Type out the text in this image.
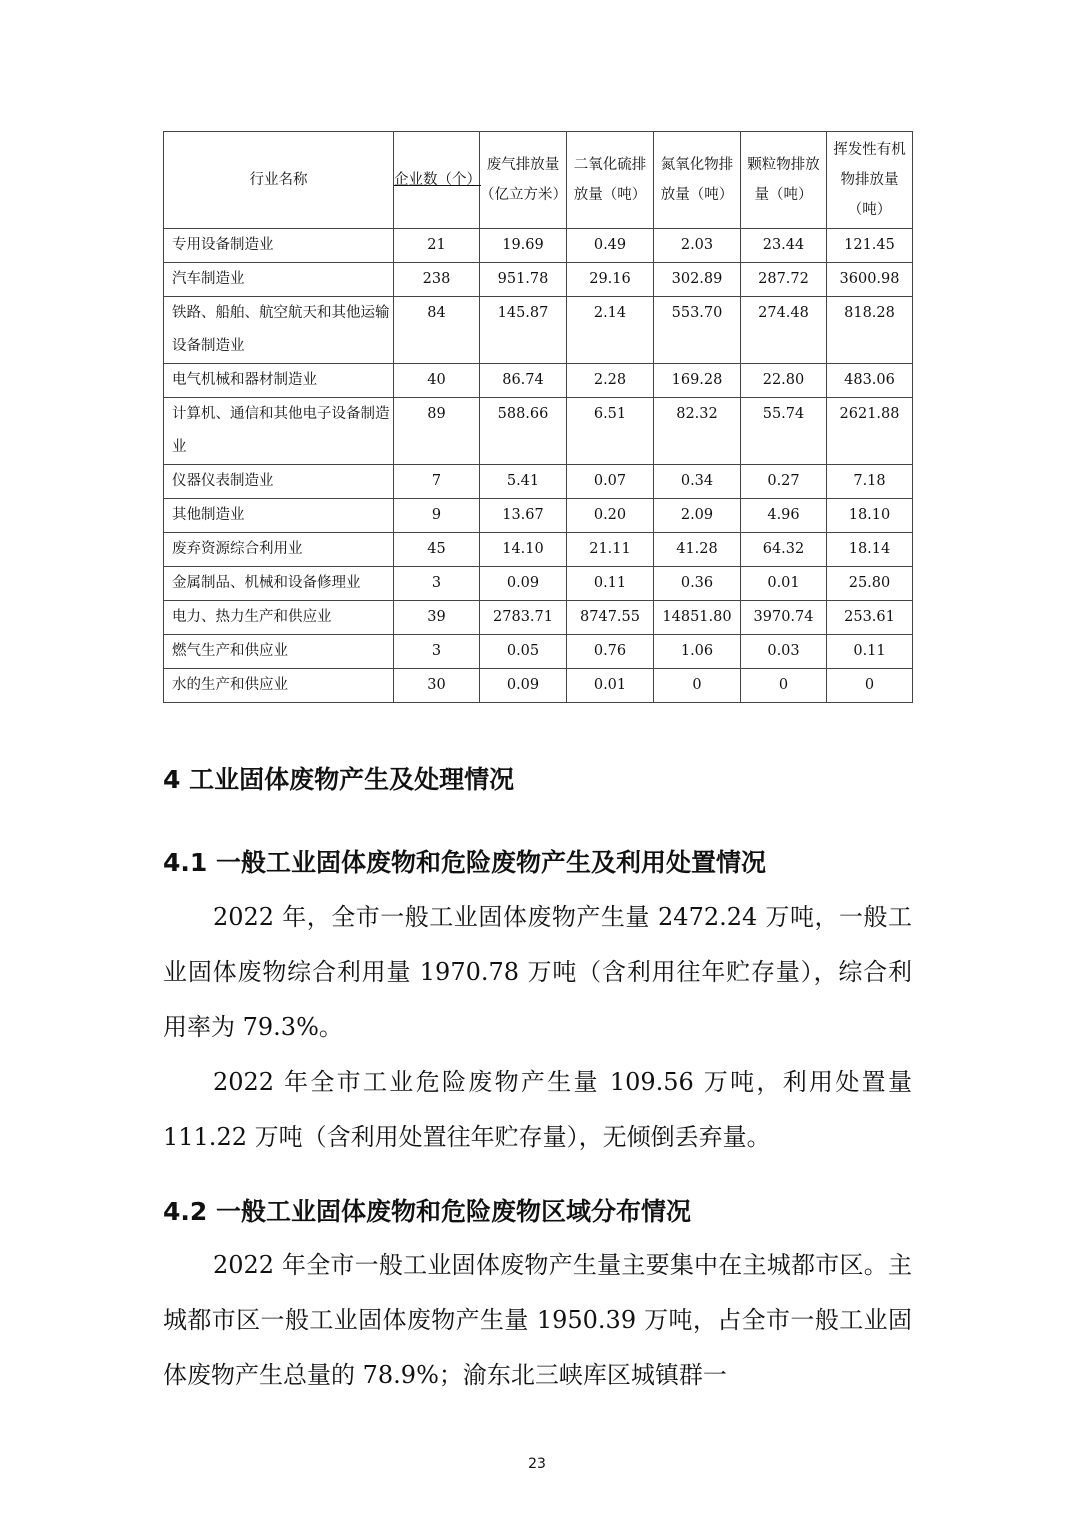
行业名称	企业数（个）	废气排放量（亿立方米）	二氧化硫排放量（吨）	氮氧化物排放量（吨）	颗粒物排放量（吨）	挥发性有机物排放量（吨）
专用设备制造业	21	19.69	0.49	2.03	23.44	121.45
汽车制造业	238	951.78	29.16	302.89	287.72	3600.98
铁路、船舶、航空航天和其他运输设备制造业	84	145.87	2.14	553.70	274.48	818.28
电气机械和器材制造业	40	86.74	2.28	169.28	22.80	483.06
计算机、通信和其他电子设备制造业	89	588.66	6.51	82.32	55.74	2621.88
仪器仪表制造业	7	5.41	0.07	0.34	0.27	7.18
其他制造业	9	13.67	0.20	2.09	4.96	18.10
废弃资源综合利用业	45	14.10	21.11	41.28	64.32	18.14
金属制品、机械和设备修理业	3	0.09	0.11	0.36	0.01	25.80
电力、热力生产和供应业	39	2783.71	8747.55	14851.80	3970.74	253.61
燃气生产和供应业	3	0.05	0.76	1.06	0.03	0.11
水的生产和供应业	30	0.09	0.01	0	0	0
4 工业固体废物产生及处理情况
4.1 一般工业固体废物和危险废物产生及利用处置情况

2022 年，全市一般工业固体废物产生量 2472.24 万吨，一般工业固体废物综合利用量 1970.78 万吨（含利用往年贮存量），综合利用率为 79.3%。

2022 年全市工业危险废物产生量 109.56 万吨，利用处置量 111.22 万吨（含利用处置往年贮存量），无倾倒丢弃量。

4.2 一般工业固体废物和危险废物区域分布情况

2022 年全市一般工业固体废物产生量主要集中在主城都市区。主城都市区一般工业固体废物产生量 1950.39 万吨，占全市一般工业固体废物产生总量的 78.9%；渝东北三峡库区城镇群一

23
